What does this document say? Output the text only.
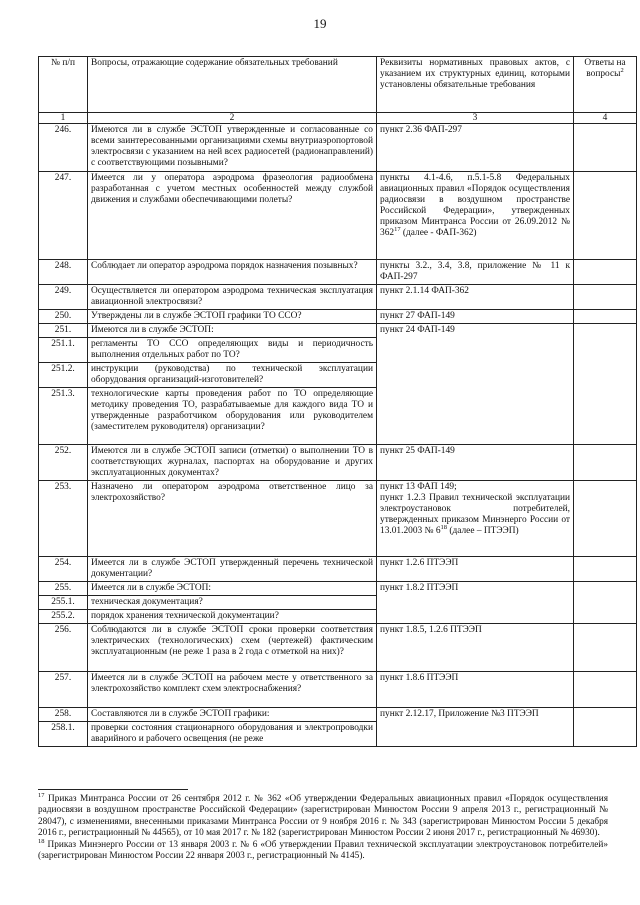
19
№ п/п	Вопросы, отражающие содержание обязательных требований	Реквизиты нормативных правовых актов, с указанием их структурных единиц, которыми установлены обязательные требования	Ответы на вопросы$^2$
1	2	3	4
246.	Имеются ли в службе ЭСТОП утвержденные и согласованные со всеми заинтересованными организациями схемы внутриаэропортовой электросвязи с указанием на ней всех радиосетей (радионаправлений) с соответствующими позывными?	пункт 2.36 ФАП-297	
247.	Имеется ли у оператора аэродрома фразеология радиообмена разработанная с учетом местных особенностей между службой движения и службами обеспечивающими полеты?	пункты 4.1-4.6, п.5.1-5.8 Федеральных авиационных правил «Порядок осуществления радиосвязи в воздушном пространстве Российской Федерации», утвержденных приказом Минтранса России от 26.09.2012 № $362^{17}$ (далее - ФАП-362)	
248.	Соблюдает ли оператор аэродрома порядок назначения позывных?	пункты 3.2., 3.4, 3.8, приложение № 11 к ФАП-297	
249.	Осуществляется ли оператором аэродрома техническая эксплуатация авиационной электросвязи?	пункт 2.1.14 ФАП-362	
250.	Утверждены ли в службе ЭСТОП графики ТО ССО?	пункт 27 ФАП-149	
251.	Имеются ли в службе ЭСТОП:	пункт 24 ФАП-149	
251.1.	регламенты ТО ССО определяющих виды и периодичность выполнения отдельных работ по ТО?		
251.2.	инструкции (руководства) по технической эксплуатации оборудования организаций-изготовителей?		
251.3.	технологические карты проведения работ по ТО определяющие методику проведения ТО, разрабатываемые для каждого вида ТО и утвержденные разработчиком оборудования или руководителем (заместителем руководителя) организации?		
252.	Имеются ли в службе ЭСТОП записи (отметки) о выполнении ТО в соответствующих журналах, паспортах на оборудование и других эксплуатационных документах?	пункт 25 ФАП-149	
253.	Назначено ли оператором аэродрома ответственное лицо за электрохозяйство?	пункт 13 ФАП 149;
пункт 1.2.3 Правил технической эксплуатации электроустановок потребителей, утвержденных приказом Минэнерго России от 13.01.2003 № $6^{18}$ (далее – ПТЭЭП)	

254.	Имеется ли в службе ЭСТОП утвержденный перечень технической документации?	пункт 1.2.6 ПТЭЭП	
255.	Имеется ли в службе ЭСТОП:	пункт 1.8.2 ПТЭЭП	
255.1.	техническая документация?		
255.2.	порядок хранения технической документации?		
256.	Соблюдаются ли в службе ЭСТОП сроки проверки соответствия электрических (технологических) схем (чертежей) фактическим эксплуатационным (не реже 1 раза в 2 года с отметкой на них)?	пункт 1.8.5, 1.2.6 ПТЭЭП	
257.	Имеется ли в службе ЭСТОП на рабочем месте у ответственного за электрохозяйство комплект схем электроснабжения?	пункт 1.8.6 ПТЭЭП	
258.	Составляются ли в службе ЭСТОП графики:	пункт 2.12.17, Приложение №3 ПТЭЭП	
258.1.	проверки состояния стационарного оборудования и электропроводки аварийного и рабочего освещения (не реже		

$^{17}$ Приказ Минтранса России от 26 сентября 2012 г. № 362 «Об утверждении Федеральных авиационных правил «Порядок осуществления радиосвязи в воздушном пространстве Российской Федерации» (зарегистрирован Минюстом России 9 апреля 2013 г., регистрационный № 28047), с изменениями, внесенными приказами Минтранса России от 9 ноября 2016 г. № 343 (зарегистрирован Минюстом России 5 декабря 2016 г., регистрационный № 44565), от 10 мая 2017 г. № 182 (зарегистрирован Минюстом России 2 июня 2017 г., регистрационный № 46930).

$^{18}$ Приказ Минэнерго России от 13 января 2003 г. № 6 «Об утверждении Правил технической эксплуатации электроустановок потребителей» (зарегистрирован Минюстом России 22 января 2003 г., регистрационный № 4145).
